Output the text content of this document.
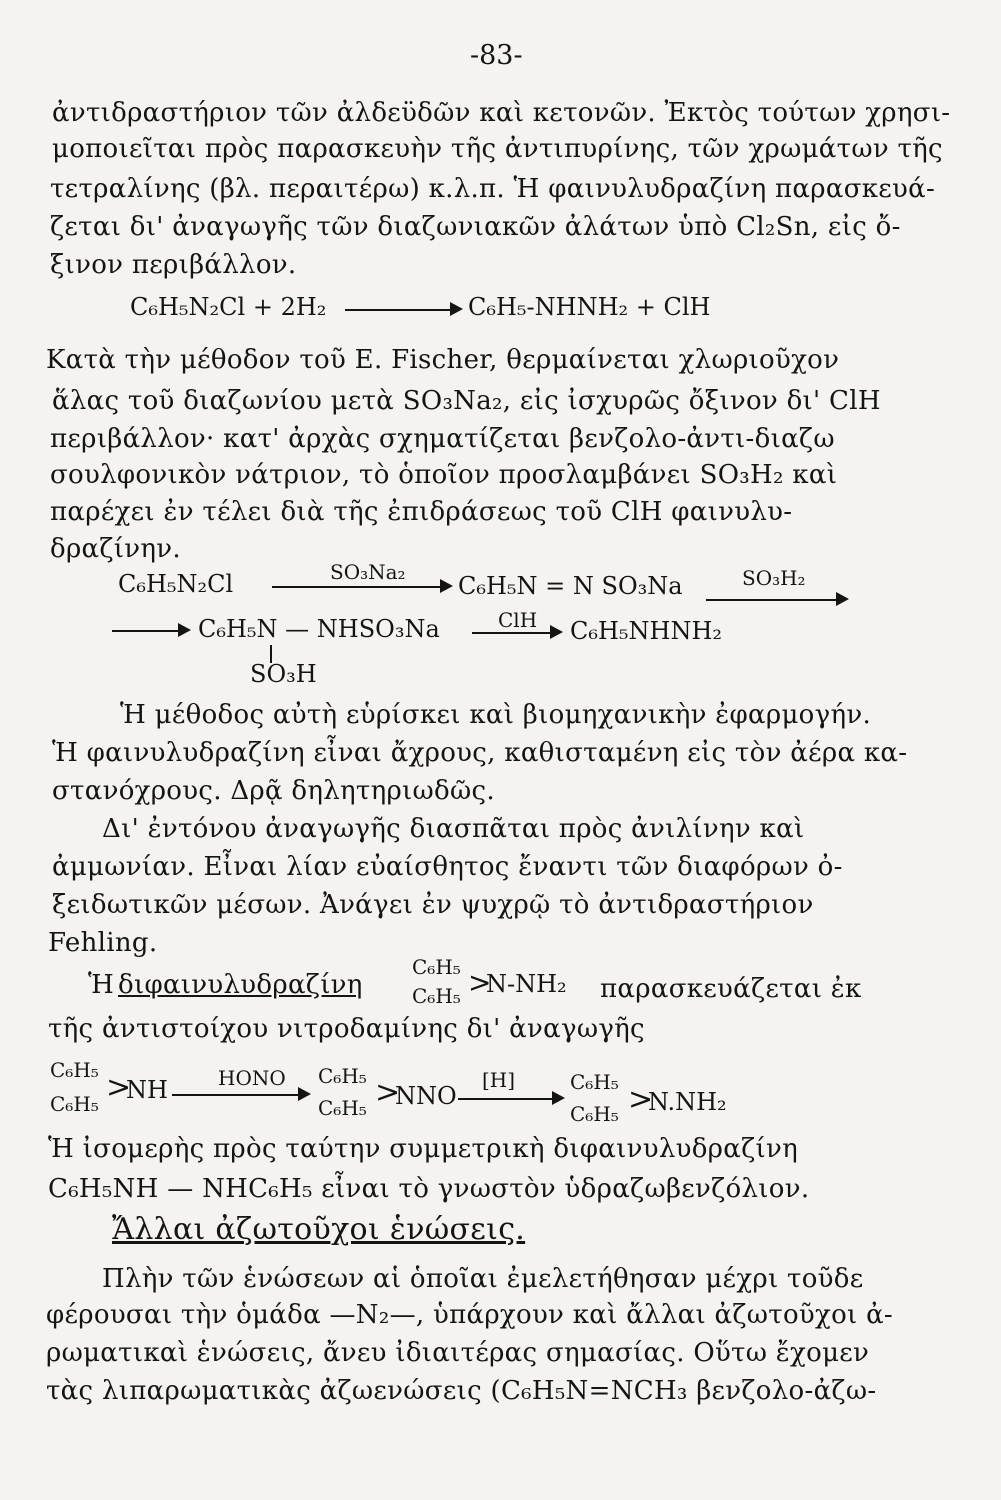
-83-
ἀντιδραστήριον τῶν ἀλδεϋδῶν καὶ κετονῶν. Ἐκτὸς τούτων χρησι-
μοποιεῖται πρὸς παρασκευὴν τῆς ἀντιπυρίνης, τῶν χρωμάτων τῆς
τετραλίνης (βλ. περαιτέρω) κ.λ.π. Ἡ φαινυλυδραζίνη παρασκευά-
ζεται δι' ἀναγωγῆς τῶν διαζωνιακῶν ἀλάτων ὑπὸ Cl₂Sn, εἰς ὄ-
ξινον περιβάλλον.
C₆H₅N₂Cl + 2H₂	C₆H₅-NHNH₂ + ClH
Κατὰ τὴν μέθοδον τοῦ E. Fischer, θερμαίνεται χλωριοῦχον
ἅλας τοῦ διαζωνίου μετὰ SO₃Na₂, εἰς ἰσχυρῶς ὄξινον δι' ClH
περιβάλλον· κατ' ἀρχὰς σχηματίζεται βενζολο-ἀντι-διαζω
σουλφονικὸν νάτριον, τὸ ὁποῖον προσλαμβάνει SO₃H₂ καὶ
παρέχει ἐν τέλει διὰ τῆς ἐπιδράσεως τοῦ ClH φαινυλυ-
δραζίνην.
C₆H₅N₂Cl	SO₃Na₂ C₆H₅N = N SO₃Na	SO₃H₂
C₆H₅N — NHSO₃Na
SO₃H
ClH C₆H₅NHNH₂
Ἡ μέθοδος αὐτὴ εὑρίσκει καὶ βιομηχανικὴν ἐφαρμογήν.
Ἡ φαινυλυδραζίνη εἶναι ἄχρους, καθισταμένη εἰς τὸν ἀέρα κα-
στανόχρους. Δρᾷ δηλητηριωδῶς.
Δι' ἐντόνου ἀναγωγῆς διασπᾶται πρὸς ἀνιλίνην καὶ
ἀμμωνίαν. Εἶναι λίαν εὐαίσθητος ἔναντι τῶν διαφόρων ὀ-
ξειδωτικῶν μέσων. Ἀνάγει ἐν ψυχρῷ τὸ ἀντιδραστήριον
Fehling.
Ἡ διφαινυλυδραζίνη
C₆H₅
C₆H₅ >
N-NH₂ παρασκευάζεται ἐκ
τῆς ἀντιστοίχου νιτροδαμίνης δι' ἀναγωγῆς
C₆H₅
C₆H₅ >
NH	HONO C₆H₅
C₆H₅ >
NNO
[H]	C₆H₅
C₆H₅ >
N.NH₂
Ἡ ἰσομερὴς πρὸς ταύτην συμμετρικὴ διφαινυλυδραζίνη
C₆H₅NH — NHC₆H₅ εἶναι τὸ γνωστὸν ὑδραζωβενζόλιον.
Ἄλλαι ἀζωτοῦχοι ἑνώσεις.
Πλὴν τῶν ἑνώσεων αἱ ὁποῖαι ἐμελετήθησαν μέχρι τοῦδε
φέρουσαι τὴν ὁμάδα —N₂—, ὑπάρχουν καὶ ἄλλαι ἀζωτοῦχοι ἀ-
ρωματικαὶ ἑνώσεις, ἄνευ ἰδιαιτέρας σημασίας. Οὕτω ἔχομεν
τὰς λιπαρωματικὰς ἀζωενώσεις (C₆H₅N=NCH₃ βενζολο-ἀζω-
